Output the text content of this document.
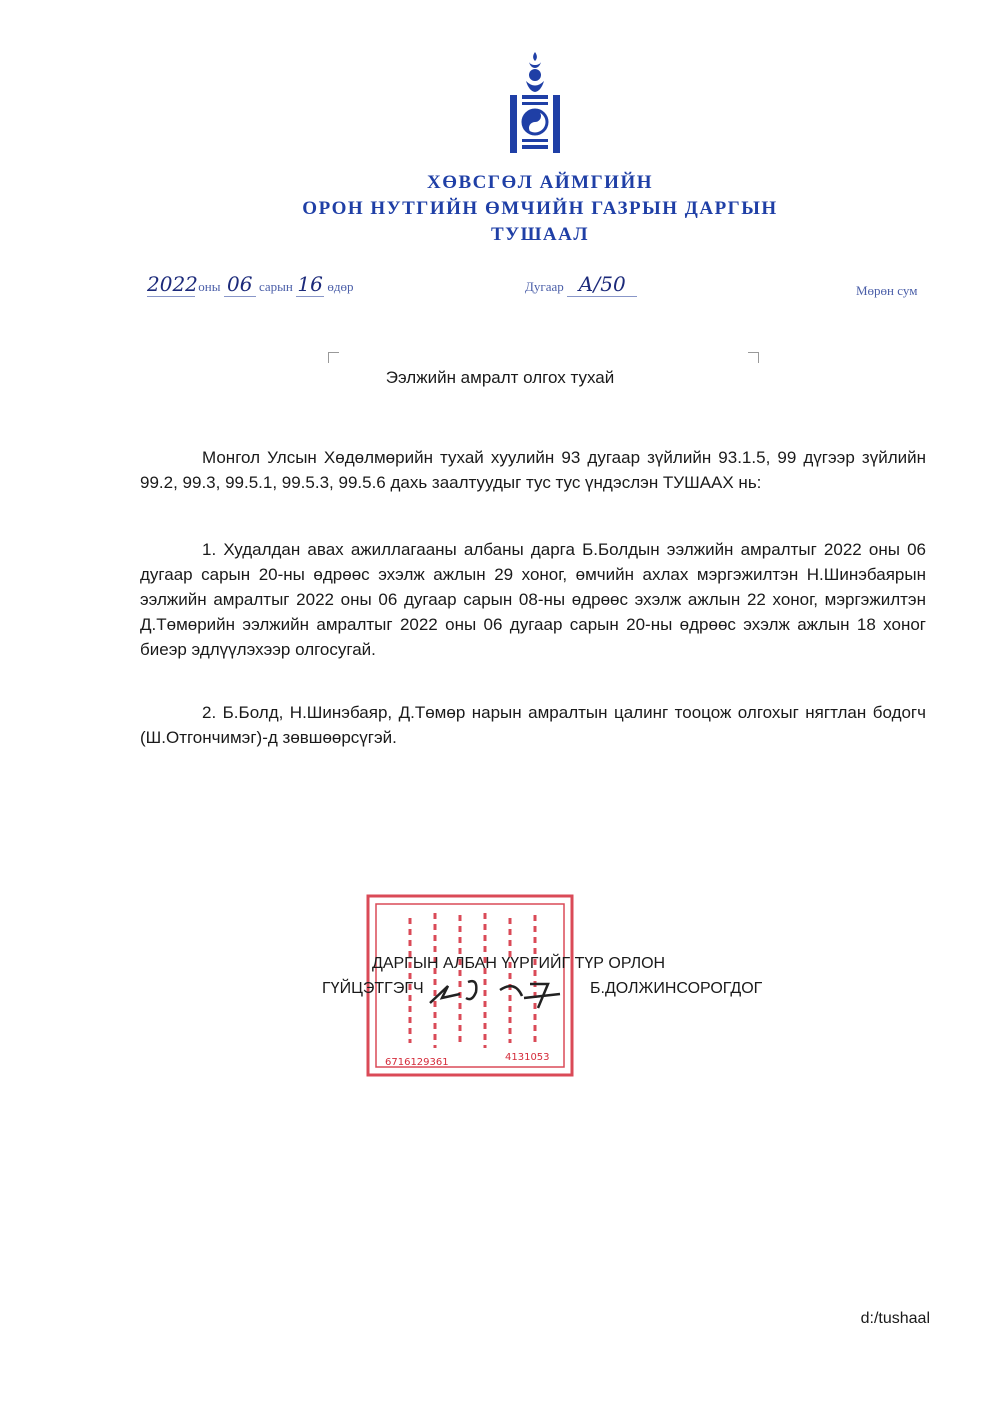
ХӨВСГӨЛ АЙМГИЙН
ОРОН НУТГИЙН ӨМЧИЙН ГАЗРЫН ДАРГЫН
ТУШААЛ
2022 оны 06 сарын 16 өдөр	Дугаар А/50	Мөрөн сум
Ээлжийн амралт олгох тухай
Монгол Улсын Хөдөлмөрийн тухай хуулийн 93 дугаар зүйлийн 93.1.5, 99 дүгээр зүйлийн 99.2, 99.3, 99.5.1, 99.5.3, 99.5.6 дахь заалтуудыг тус тус үндэслэн ТУШААХ нь:
1. Худалдан авах ажиллагааны албаны дарга Б.Болдын ээлжийн амралтыг 2022 оны 06 дугаар сарын 20-ны өдрөөс эхэлж ажлын 29 хоног, өмчийн ахлах мэргэжилтэн Н.Шинэбаярын ээлжийн амралтыг 2022 оны 06 дугаар сарын 08-ны өдрөөс эхэлж ажлын 22 хоног, мэргэжилтэн Д.Төмөрийн ээлжийн амралтыг 2022 оны 06 дугаар сарын 20-ны өдрөөс эхэлж ажлын 18 хоног биеэр эдлүүлэхээр олгосугай.
2. Б.Болд, Н.Шинэбаяр, Д.Төмөр нарын амралтын цалинг тооцож олгохыг нягтлан бодогч (Ш.Отгончимэг)-д зөвшөөрсүгэй.
6716129361	4131053
ДАРГЫН АЛБАН ҮҮРГИЙГ ТҮР ОРЛОН
ГҮЙЦЭТГЭГЧ	Б.ДОЛЖИНСОРОГДОГ
d:/tushaal
